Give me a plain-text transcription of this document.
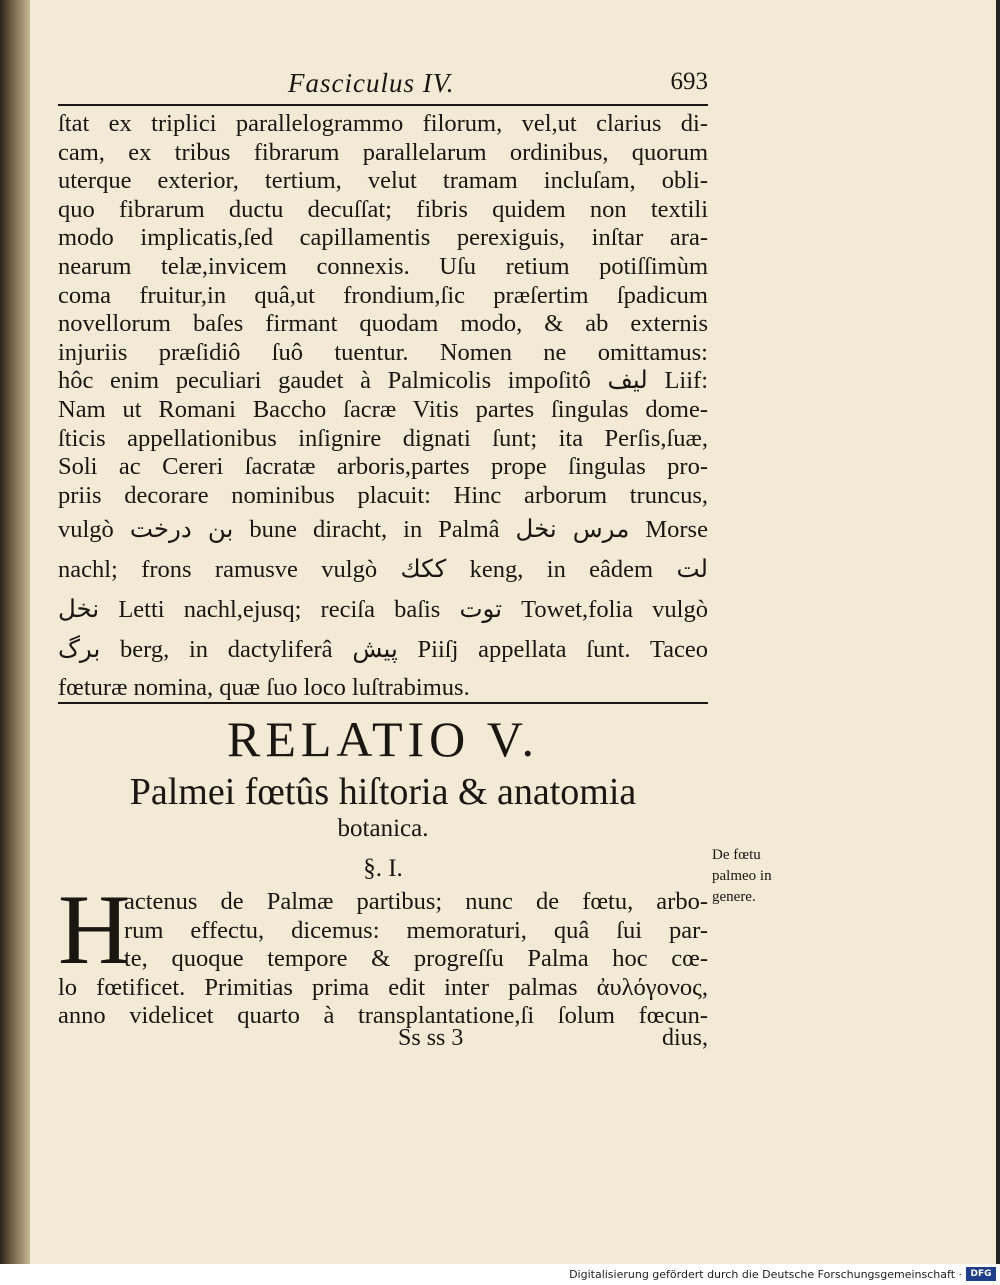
Fasciculus IV.	693
ſtat ex triplici parallelogrammo filorum, vel,ut clarius di-
cam, ex tribus fibrarum parallelarum ordinibus, quorum
uterque exterior, tertium, velut tramam incluſam, obli-
quo fibrarum ductu decuſſat; fibris quidem non textili
modo implicatis,ſed capillamentis perexiguis, inſtar ara-
nearum telæ,invicem connexis. Uſu retium potiſſimùm
coma fruitur,in quâ,ut frondium,ſic præſertim ſpadicum
novellorum baſes firmant quodam modo, & ab externis
injuriis præſidiô ſuô tuentur. Nomen ne omittamus:
hôc enim peculiari gaudet à Palmicolis impoſitô ليف Liif:
Nam ut Romani Baccho ſacræ Vitis partes ſingulas dome-
ſticis appellationibus inſignire dignati ſunt; ita Perſis,ſuæ,
Soli ac Cereri ſacratæ arboris,partes prope ſingulas pro-
priis decorare nominibus placuit: Hinc arborum truncus,
vulgò بن درخت bune diracht, in Palmâ مرس نخل Morse
nachl; frons ramusve vulgò ككك keng, in eâdem لت
نخل Letti nachl,ejusq; reciſa baſis توت Towet,folia vulgò
برگ berg, in dactyliferâ پيش Piiſj appellata ſunt. Taceo
fœturæ nomina, quæ ſuo loco luſtrabimus.
RELATIO V.
Palmei fœtûs hiſtoria & anatomia
botanica.
§. I.	De fœtu
palmeo in
genere.
H
actenus de Palmæ partibus; nunc de fœtu, arbo-
rum effectu, dicemus: memoraturi, quâ ſui par-
te, quoque tempore & progreſſu Palma hoc cœ-
lo fœtificet. Primitias prima edit inter palmas ἀυλόγονος,
anno videlicet quarto à transplantatione,ſi ſolum fœcun-
Ss ss 3	dius,
Digitalisierung gefördert durch die Deutsche Forschungsgemeinschaft · DFG
